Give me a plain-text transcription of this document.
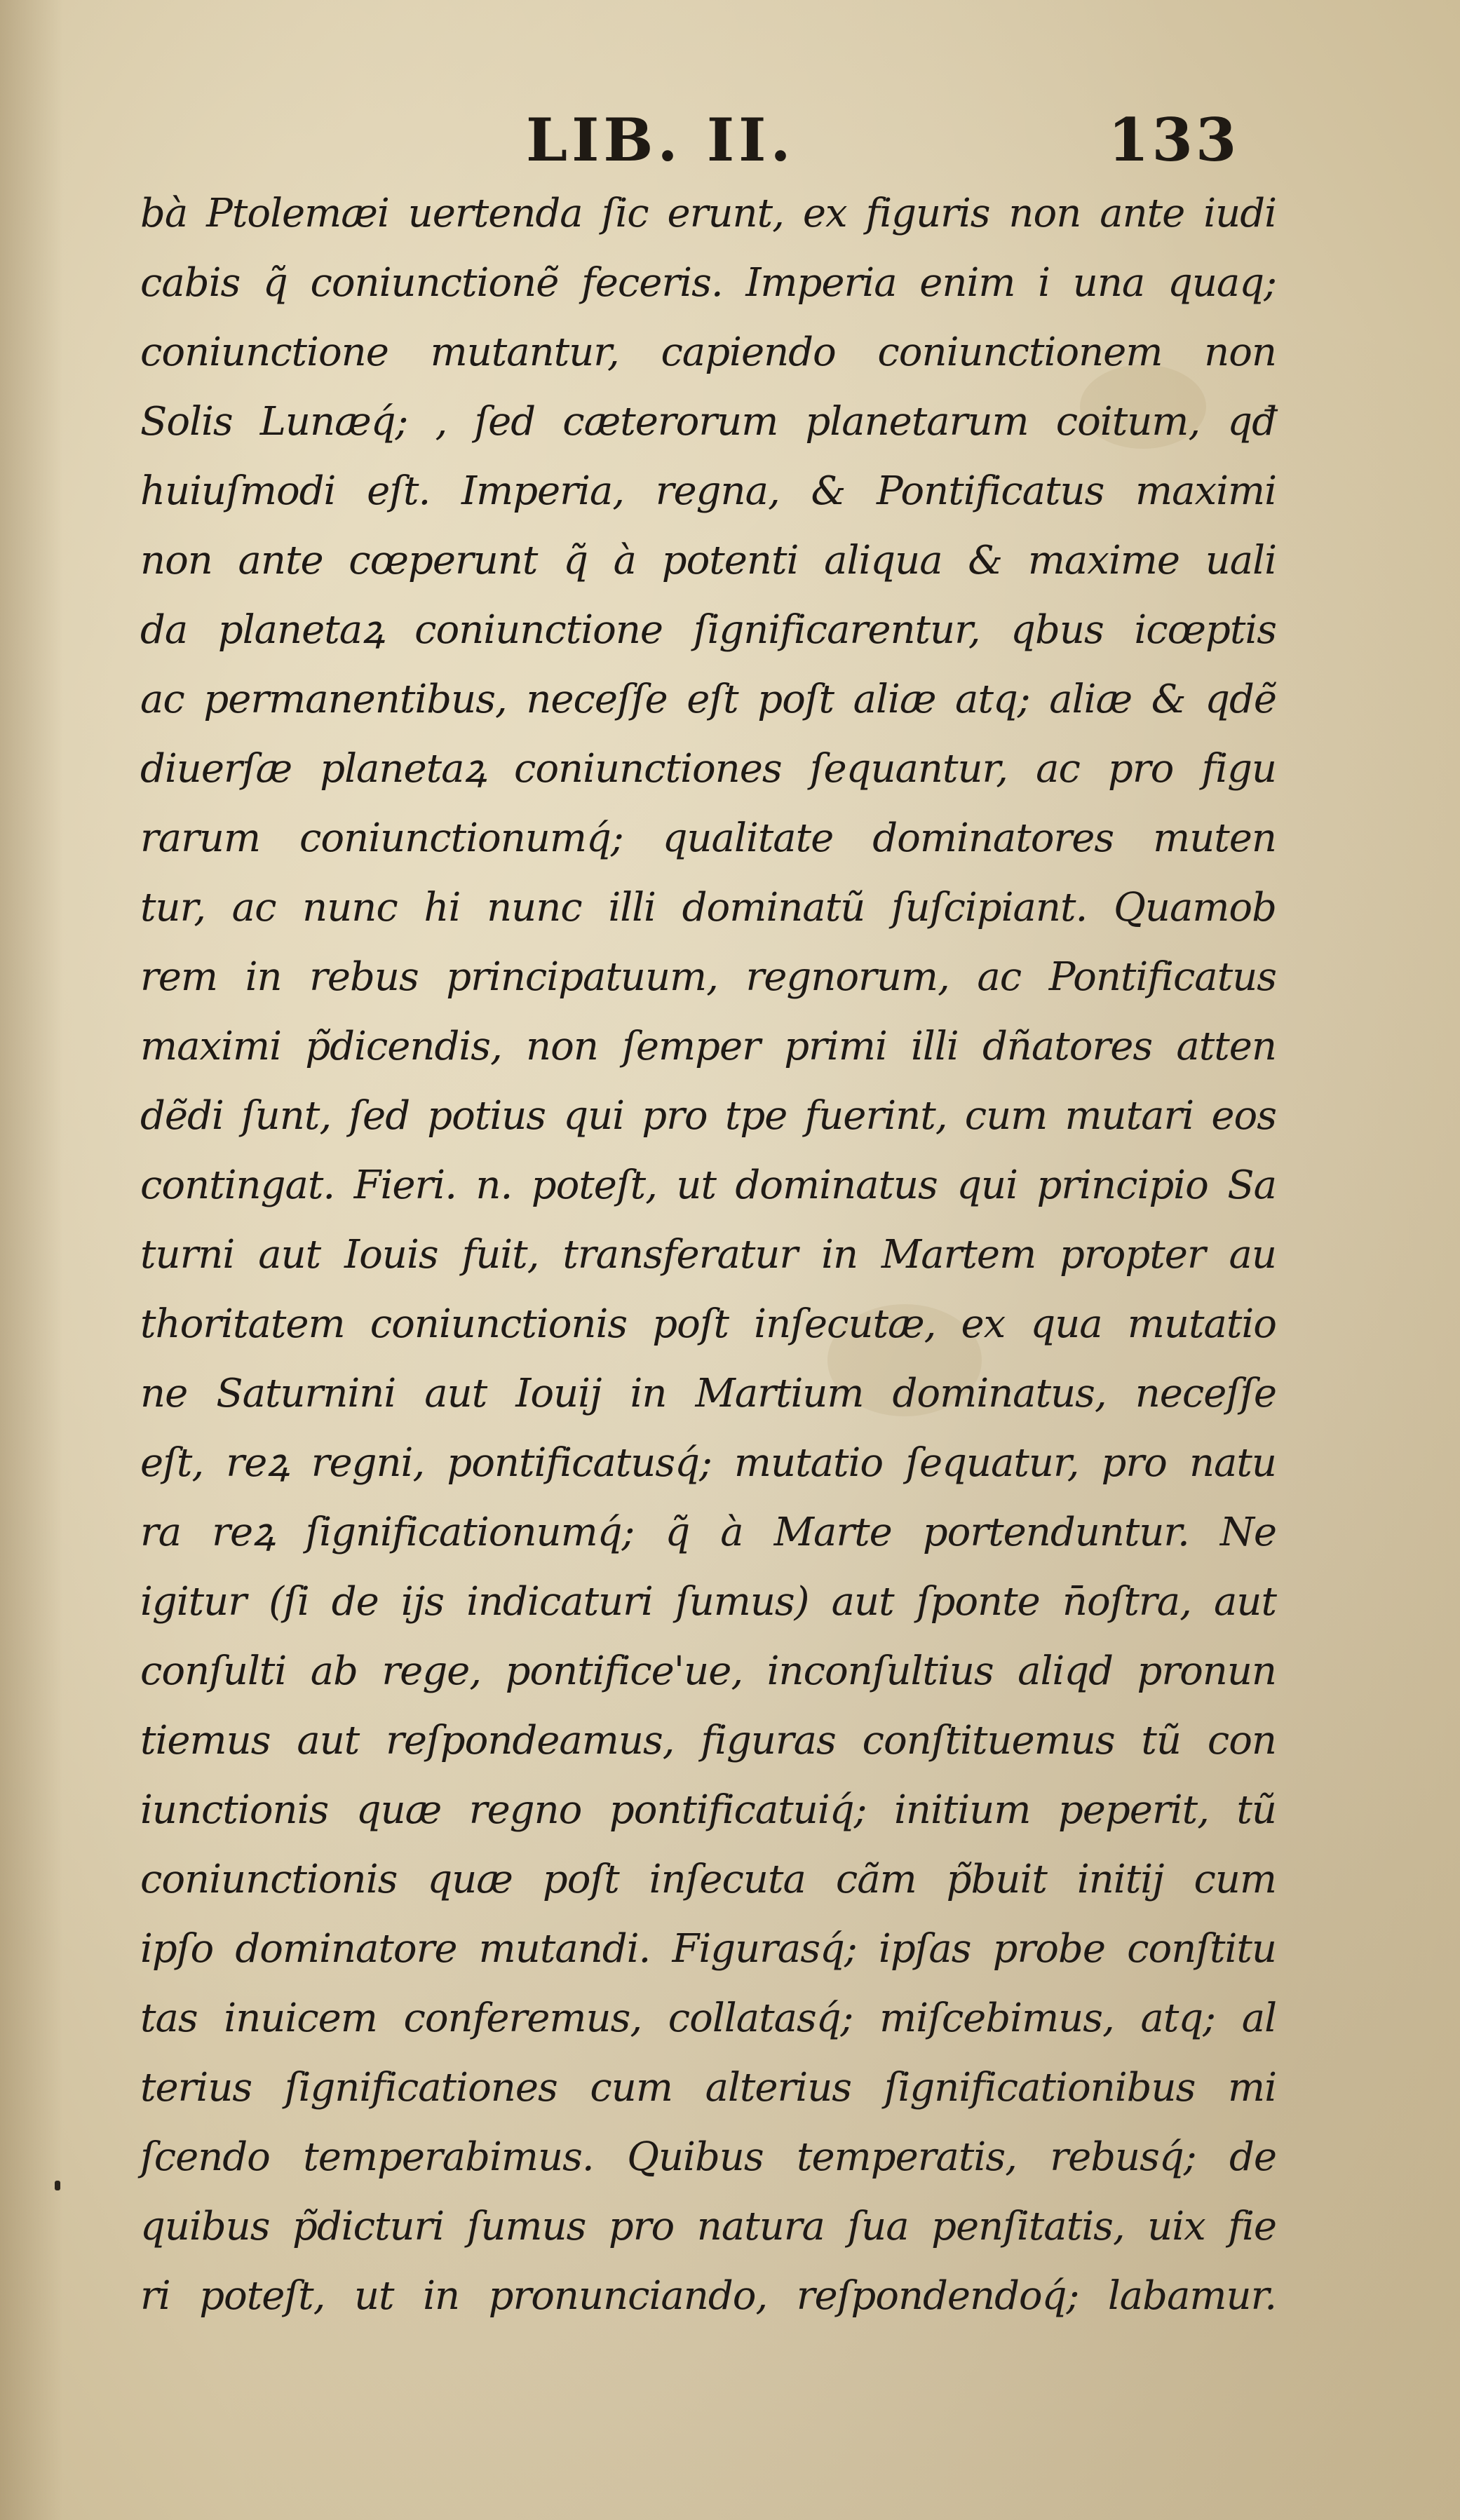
LIB. II.	133
bà Ptolemæi uertenda ſic erunt, ex figuris non ante iudi
cabis q̃ coniunctionẽ feceris. Imperia enim i una quaq;
coniunctione mutantur, capiendo coniunctionem non
Solis Lunæq́; , ſed cæterorum planetarum coitum, qđ
huiuſmodi eſt. Imperia, regna, & Pontificatus maximi
non ante cœperunt q̃ à potenti aliqua & maxime uali
da planetaꝝ coniunctione ſignificarentur, qbus icœptis
ac permanentibus, neceſſe eſt poſt aliæ atq; aliæ & qdẽ
diuerſæ planetaꝝ coniunctiones ſequantur, ac pro figu
rarum coniunctionumq́; qualitate dominatores muten
tur, ac nunc hi nunc illi dominatũ ſuſcipiant. Quamob
rem in rebus principatuum, regnorum, ac Pontificatus
maximi p̃dicendis, non ſemper primi illi dñatores atten
dẽdi ſunt, ſed potius qui pro tpe fuerint, cum mutari eos
contingat. Fieri. n. poteſt, ut dominatus qui principio Sa
turni aut Iouis fuit, transferatur in Martem propter au
thoritatem coniunctionis poſt inſecutæ, ex qua mutatio
ne Saturnini aut Iouij in Martium dominatus, neceſſe
eſt, reꝝ regni, pontificatusq́; mutatio ſequatur, pro natu
ra reꝝ ſignificationumq́; q̃ à Marte portenduntur. Ne
igitur (ſi de ijs indicaturi ſumus) aut ſponte n̄oſtra, aut
conſulti ab rege, pontifice'ue, inconſultius aliqd pronun
tiemus aut reſpondeamus, figuras conſtituemus tũ con
iunctionis quæ regno pontificatuiq́; initium peperit, tũ
coniunctionis quæ poſt inſecuta cãm p̃buit initij cum
ipſo dominatore mutandi. Figurasq́; ipſas probe conſtitu
tas inuicem conferemus, collatasq́; miſcebimus, atq; al
terius ſignificationes cum alterius ſignificationibus mi
ſcendo temperabimus. Quibus temperatis, rebusq́; de
quibus p̃dicturi ſumus pro natura ſua penſitatis, uix fie
ri poteſt, ut in pronunciando, reſpondendoq́; labamur.
